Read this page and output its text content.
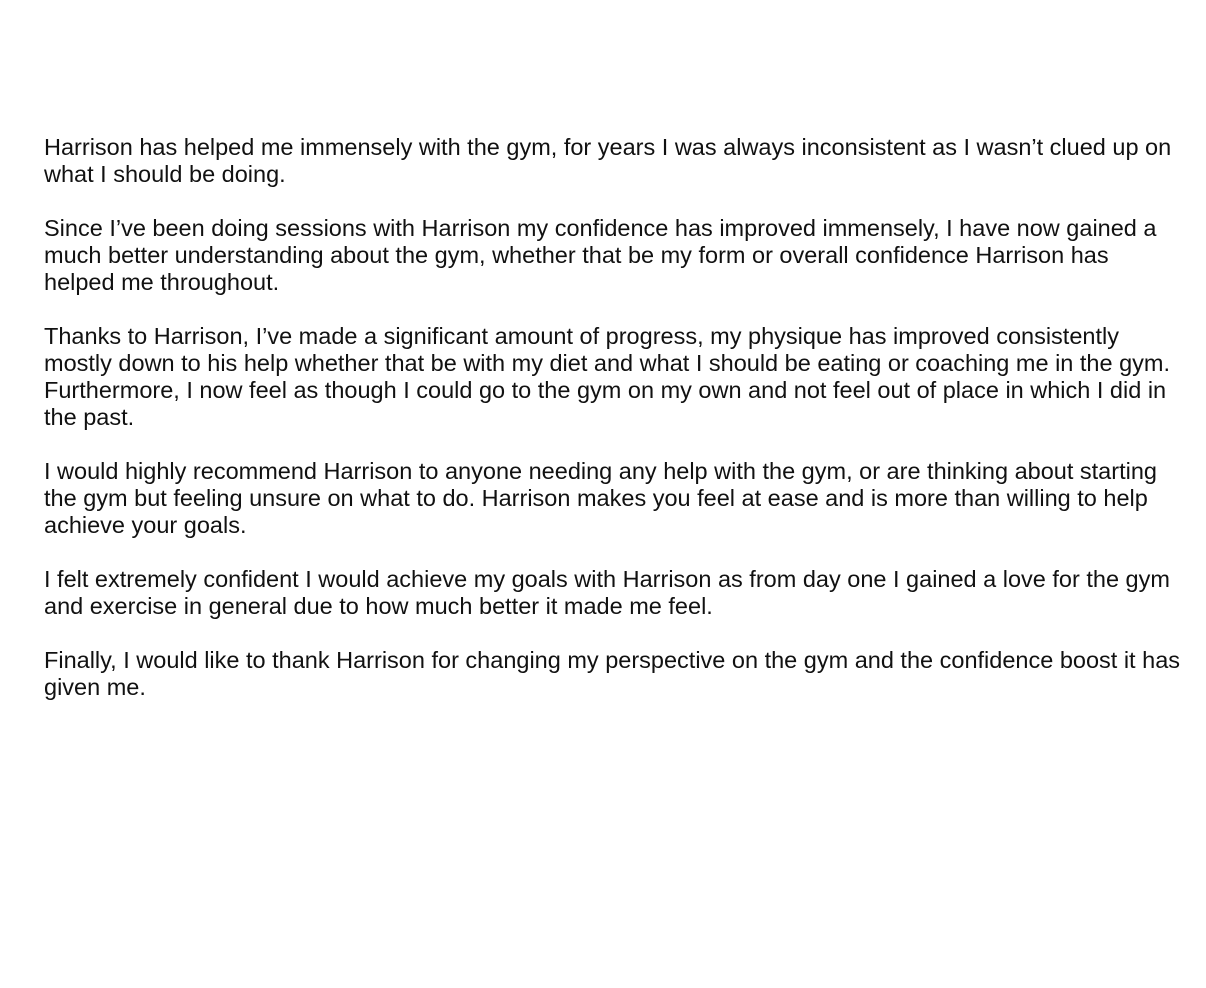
Harrison has helped me immensely with the gym, for years I was always inconsistent as I wasn’t clued up on what I should be doing.

Since I’ve been doing sessions with Harrison my confidence has improved immensely, I have now gained a much better understanding about the gym, whether that be my form or overall confidence Harrison has helped me throughout.

Thanks to Harrison, I’ve made a significant amount of progress, my physique has improved consistently mostly down to his help whether that be with my diet and what I should be eating or coaching me in the gym. Furthermore, I now feel as though I could go to the gym on my own and not feel out of place in which I did in the past.

I would highly recommend Harrison to anyone needing any help with the gym, or are thinking about starting the gym but feeling unsure on what to do. Harrison makes you feel at ease and is more than willing to help achieve your goals.

I felt extremely confident I would achieve my goals with Harrison as from day one I gained a love for the gym and exercise in general due to how much better it made me feel.

Finally, I would like to thank Harrison for changing my perspective on the gym and the confidence boost it has given me.
